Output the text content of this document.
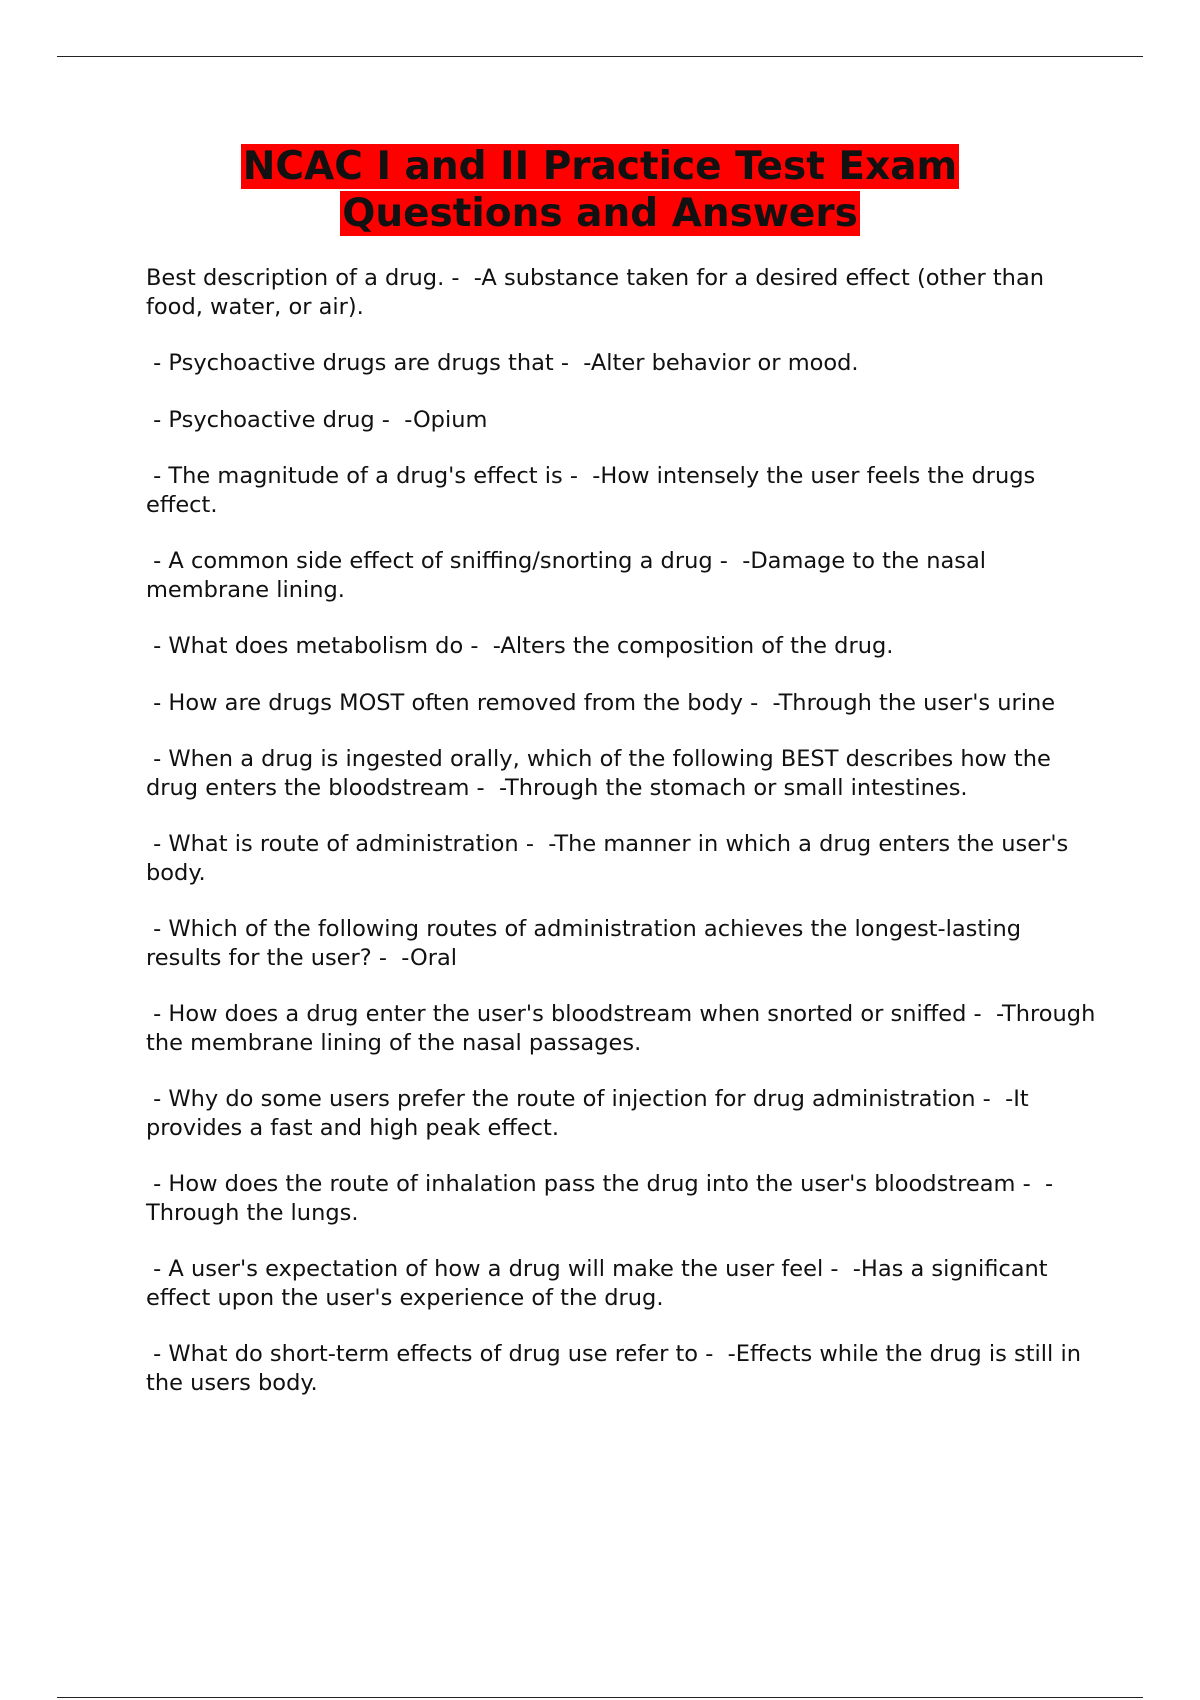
NCAC I and II Practice Test Exam
Questions and Answers
Best description of a drug. -  -A substance taken for a desired effect (other than food, water, or air).
- Psychoactive drugs are drugs that -  -Alter behavior or mood.
- Psychoactive drug -  -Opium
- The magnitude of a drug's effect is -  -How intensely the user feels the drugs effect.
- A common side effect of sniffing/snorting a drug -  -Damage to the nasal membrane lining.
- What does metabolism do -  -Alters the composition of the drug.
- How are drugs MOST often removed from the body -  -Through the user's urine
- When a drug is ingested orally, which of the following BEST describes how the drug enters the bloodstream -  -Through the stomach or small intestines.
- What is route of administration -  -The manner in which a drug enters the user's body.
- Which of the following routes of administration achieves the longest-lasting results for the user? -  -Oral
- How does a drug enter the user's bloodstream when snorted or sniffed -  -Through the membrane lining of the nasal passages.
- Why do some users prefer the route of injection for drug administration -  -It provides a fast and high peak effect.
- How does the route of inhalation pass the drug into the user's bloodstream -  -Through the lungs.
- A user's expectation of how a drug will make the user feel -  -Has a significant effect upon the user's experience of the drug.
- What do short-term effects of drug use refer to -  -Effects while the drug is still in the users body.
